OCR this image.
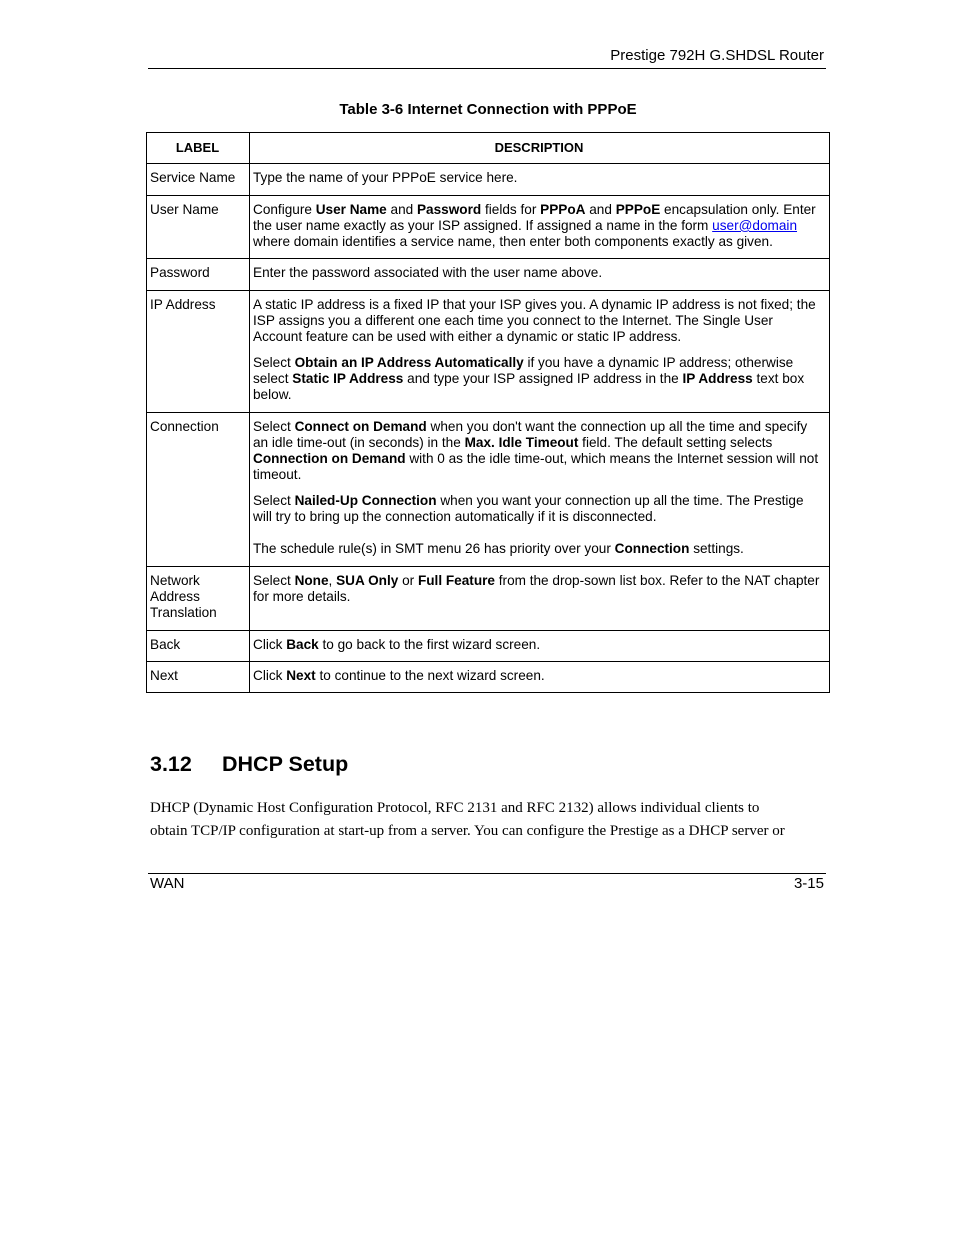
Prestige 792H G.SHDSL Router
Table 3-6 Internet Connection with PPPoE
LABEL	DESCRIPTION
Service Name	Type the name of your PPPoE service here.
User Name	Configure User Name and Password fields for PPPoA and PPPoE encapsulation only. Enter the user name exactly as your ISP assigned. If assigned a name in the form user@domain where domain identifies a service name, then enter both components exactly as given.
Password	Enter the password associated with the user name above.
IP Address	A static IP address is a fixed IP that your ISP gives you. A dynamic IP address is not fixed; the ISP assigns you a different one each time you connect to the Internet. The Single User Account feature can be used with either a dynamic or static IP address.

Select Obtain an IP Address Automatically if you have a dynamic IP address; otherwise select Static IP Address and type your ISP assigned IP address in the IP Address text box below.

Connection	Select Connect on Demand when you don't want the connection up all the time and specify an idle time-out (in seconds) in the Max. Idle Timeout field. The default setting selects Connection on Demand with 0 as the idle time-out, which means the Internet session will not timeout.

Select Nailed-Up Connection when you want your connection up all the time. The Prestige will try to bring up the connection automatically if it is disconnected.

The schedule rule(s) in SMT menu 26 has priority over your Connection settings.

Network
Address
Translation	Select None, SUA Only or Full Feature from the drop-sown list box. Refer to the NAT chapter for more details.
Back	Click Back to go back to the first wizard screen.
Next	Click Next to continue to the next wizard screen.
3.12 DHCP Setup
DHCP (Dynamic Host Configuration Protocol, RFC 2131 and RFC 2132) allows individual clients to
obtain TCP/IP configuration at start-up from a server. You can configure the Prestige as a DHCP server or
WAN	3-15
